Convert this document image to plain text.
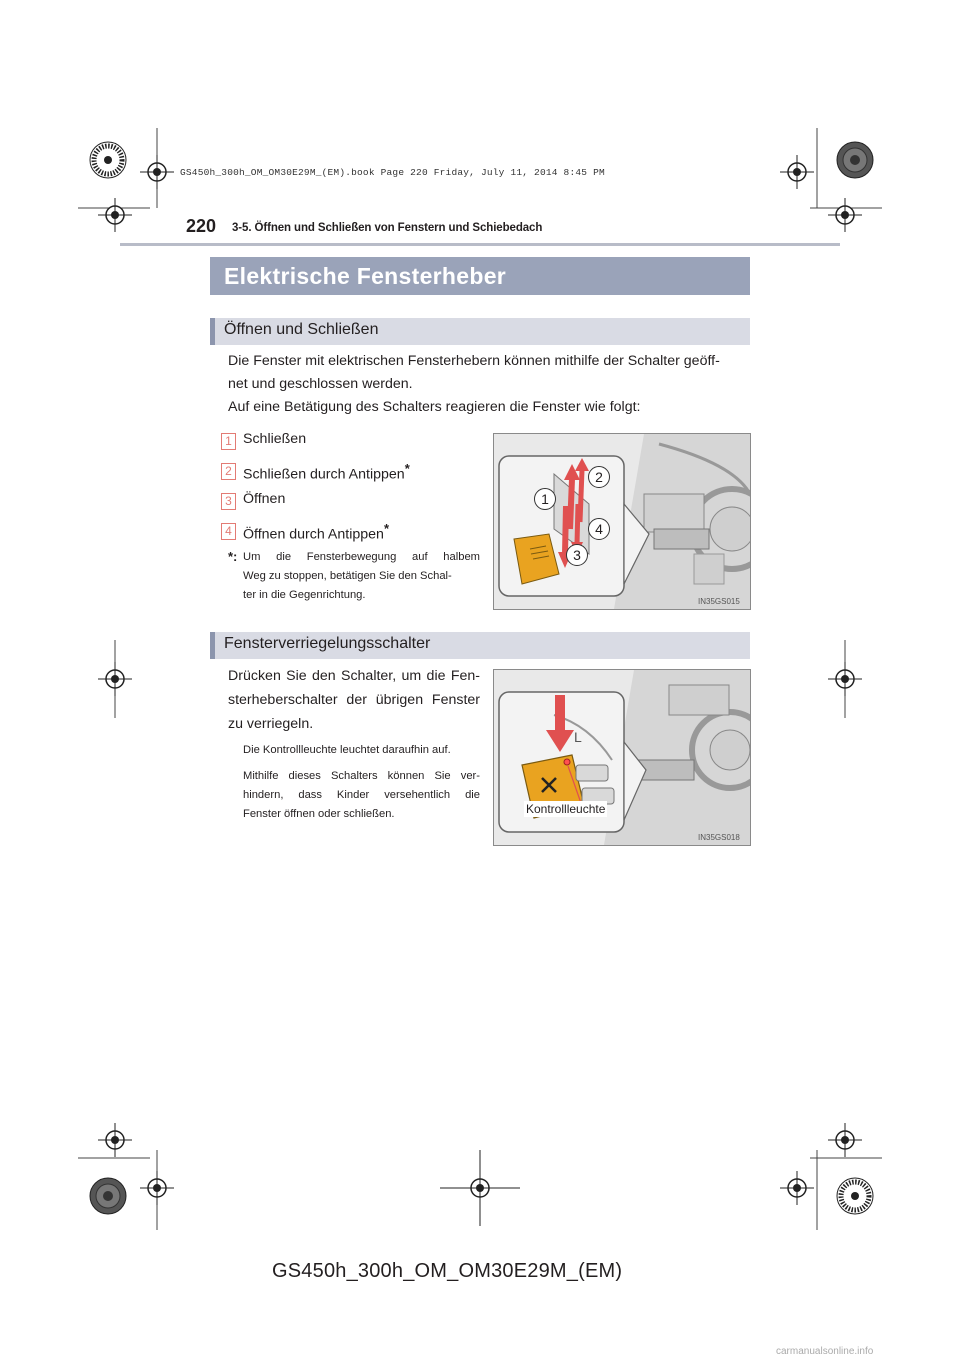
GS450h_300h_OM_OM30E29M_(EM).book Page 220 Friday, July 11, 2014 8:45 PM
220 3-5. Öffnen und Schließen von Fenstern und Schiebedach
Elektrische Fensterheber
Öffnen und Schließen
Die Fenster mit elektrischen Fensterhebern können mithilfe der Schalter geöff-
net und geschlossen werden.
Auf eine Betätigung des Schalters reagieren die Fenster wie folgt:
1 Schließen
2 Schließen durch Antippen*
3 Öffnen
4 Öffnen durch Antippen*
*: Um die Fensterbewegung auf halbem
Weg zu stoppen, betätigen Sie den Schal-
ter in die Gegenrichtung.
2
1
4
3
IN35GS015
Fensterverriegelungsschalter
Drücken Sie den Schalter, um die Fen-
sterheberschalter der übrigen Fenster
zu verriegeln.
Die Kontrollleuchte leuchtet daraufhin auf.
Mithilfe dieses Schalters können Sie ver-
hindern, dass Kinder versehentlich die
Fenster öffnen oder schließen.
L
Kontrollleuchte
IN35GS018
GS450h_300h_OM_OM30E29M_(EM)
carmanualsonline.info
